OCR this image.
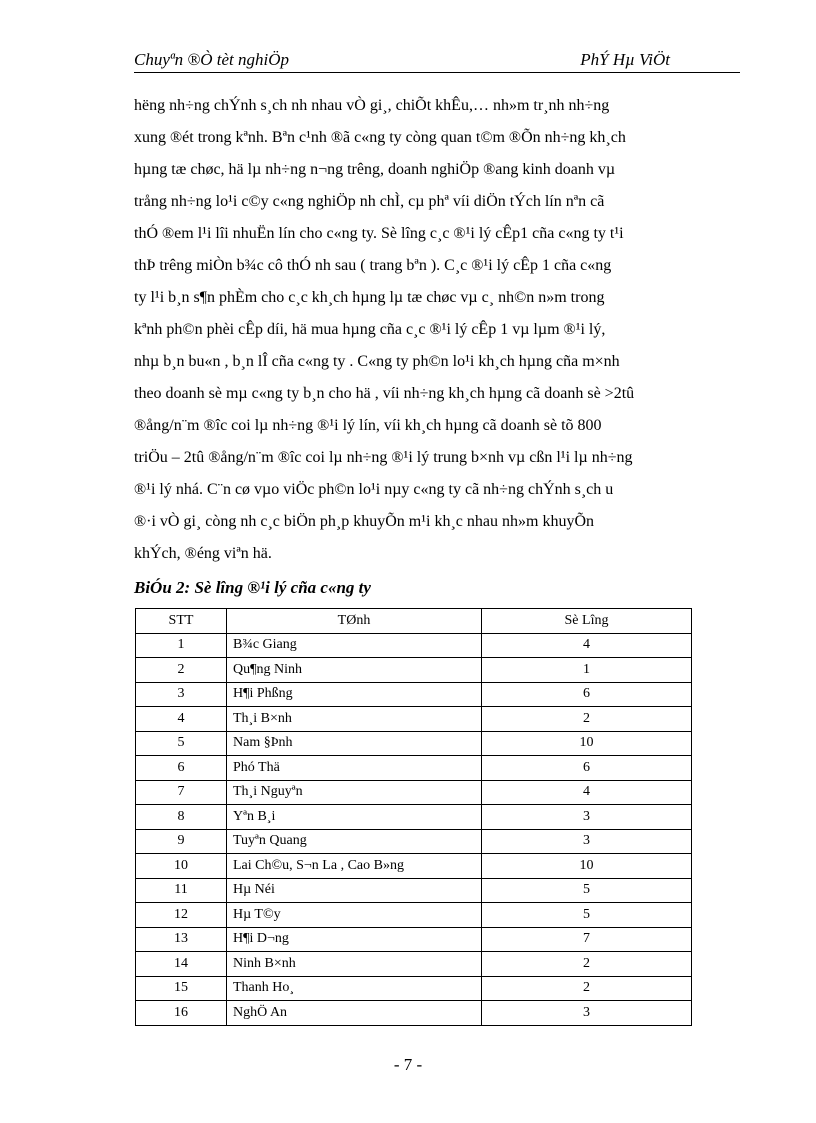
Chuyªn ®Ò tèt nghiÖp	PhÝ Hµ ViÖt
hëng nh÷ng chÝnh s¸ch nh nhau vÒ gi¸, chiÕt khÊu,… nh»m tr¸nh nh÷ng
xung ®ét trong kªnh. Bªn c¹nh ®ã c«ng ty còng quan t©m ®Õn nh÷ng kh¸ch
hµng tæ chøc, hä lµ nh÷ng n¬ng trêng, doanh nghiÖp ®ang kinh doanh vµ
trång nh÷ng lo¹i c©y c«ng nghiÖp nh chÌ, cµ phª víi diÖn tÝch lín nªn cã
thÓ ®em l¹i lîi nhuËn lín cho c«ng ty. Sè lîng c¸c ®¹i lý cÊp1 cña c«ng ty t¹i
thÞ trêng miÒn b¾c cô thÓ nh sau ( trang bªn ). C¸c ®¹i lý cÊp 1 cña c«ng
ty l¹i b¸n s¶n phÈm cho c¸c kh¸ch hµng lµ tæ chøc vµ c¸ nh©n n»m trong
kªnh ph©n phèi cÊp díi, hä mua hµng cña c¸c ®¹i lý cÊp 1 vµ lµm ®¹i lý,
nhµ b¸n bu«n , b¸n lÎ cña c«ng ty . C«ng ty ph©n lo¹i kh¸ch hµng cña m×nh
theo doanh sè mµ c«ng ty b¸n cho hä , víi nh÷ng kh¸ch hµng cã doanh sè >2tû
®ång/n¨m ®îc coi lµ nh÷ng ®¹i lý lín, víi kh¸ch hµng cã doanh sè tõ 800
triÖu – 2tû ®ång/n¨m ®îc coi lµ nh÷ng ®¹i lý trung b×nh vµ cßn l¹i lµ nh÷ng
®¹i lý nhá. C¨n cø vµo viÖc ph©n lo¹i nµy c«ng ty cã nh÷ng chÝnh s¸ch u
®·i vÒ gi¸ còng nh c¸c biÖn ph¸p khuyÕn m¹i kh¸c nhau nh»m khuyÕn
khÝch, ®éng viªn hä.
BiÓu 2: Sè lîng ®¹i lý cña c«ng ty
STT	TØnh	Sè Lîng
1	B¾c Giang	4
2	Qu¶ng Ninh	1
3	H¶i Phßng	6
4	Th¸i B×nh	2
5	Nam §Þnh	10
6	Phó Thä	6
7	Th¸i Nguyªn	4
8	Yªn B¸i	3
9	Tuyªn Quang	3
10	Lai Ch©u, S¬n La , Cao B»ng	10
11	Hµ Néi	5
12	Hµ T©y	5
13	H¶i D¬ng	7
14	Ninh B×nh	2
15	Thanh Ho¸	2
16	NghÖ An	3
- 7 -
